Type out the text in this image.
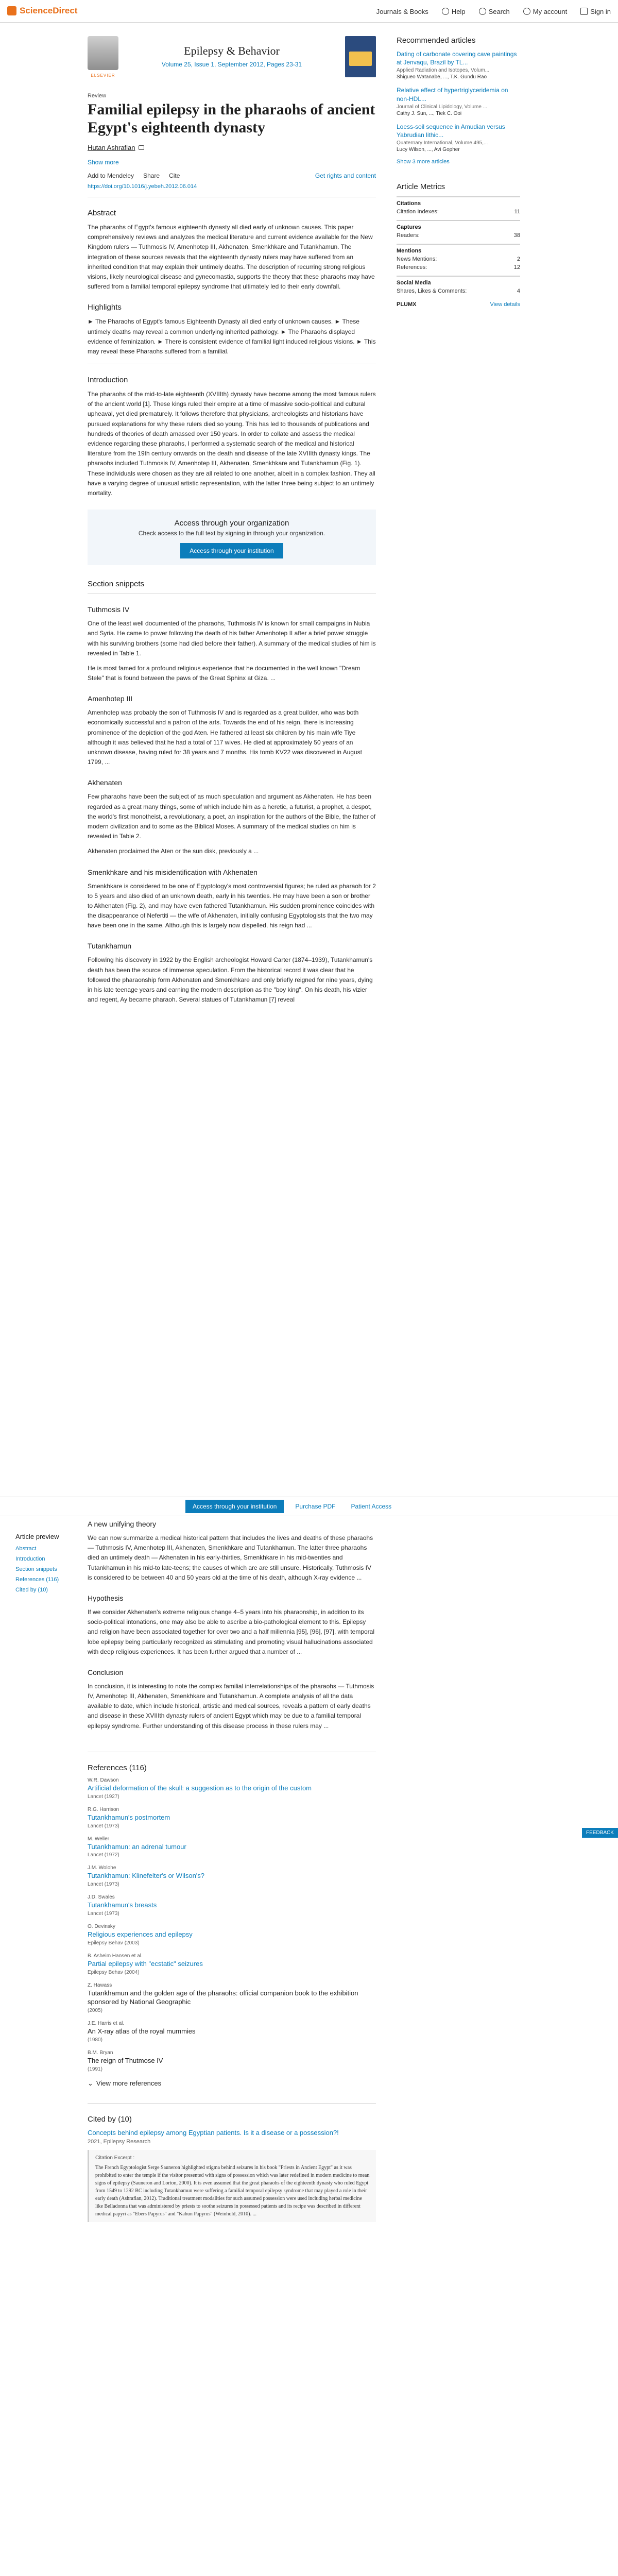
ScienceDirect	Journals & Books	Help	Search	My account	Sign in
ELSEVIER
Epilepsy & Behavior
Volume 25, Issue 1, September 2012, Pages 23-31
Review
Familial epilepsy in the pharaohs of ancient Egypt's eighteenth dynasty
Hutan Ashrafian
Show more
Add to Mendeley Share Cite	Get rights and content
https://doi.org/10.1016/j.yebeh.2012.06.014
Abstract

The pharaohs of Egypt's famous eighteenth dynasty all died early of unknown causes. This paper comprehensively reviews and analyzes the medical literature and current evidence available for the New Kingdom rulers — Tuthmosis IV, Amenhotep III, Akhenaten, Smenkhkare and Tutankhamun. The integration of these sources reveals that the eighteenth dynasty rulers may have suffered from an inherited condition that may explain their untimely deaths. The description of recurring strong religious visions, likely neurological disease and gynecomastia, supports the theory that these pharaohs may have suffered from a familial temporal epilepsy syndrome that ultimately led to their early downfall.

Highlights

► The Pharaohs of Egypt's famous Eighteenth Dynasty all died early of unknown causes. ► These untimely deaths may reveal a common underlying inherited pathology. ► The Pharaohs displayed evidence of feminization. ► There is consistent evidence of familial light induced religious visions. ► This may reveal these Pharaohs suffered from a familial.

Introduction

The pharaohs of the mid-to-late eighteenth (XVIIIth) dynasty have become among the most famous rulers of the ancient world [1]. These kings ruled their empire at a time of massive socio-political and cultural upheaval, yet died prematurely. It follows therefore that physicians, archeologists and historians have pursued explanations for why these rulers died so young. This has led to thousands of publications and hundreds of theories of death amassed over 150 years. In order to collate and assess the medical evidence regarding these pharaohs, I performed a systematic search of the medical and historical literature from the 19th century onwards on the death and disease of the late XVIIIth dynasty kings. The pharaohs included Tuthmosis IV, Amenhotep III, Akhenaten, Smenkhkare and Tutankhamun (Fig. 1). These individuals were chosen as they are all related to one another, albeit in a complex fashion. They all have a varying degree of unusual artistic representation, with the latter three being subject to an untimely mortality.

Access through your organization

Check access to the full text by signing in through your organization.

Access through your institution
Section snippets
Tuthmosis IV

One of the least well documented of the pharaohs, Tuthmosis IV is known for small campaigns in Nubia and Syria. He came to power following the death of his father Amenhotep II after a brief power struggle with his surviving brothers (some had died before their father). A summary of the medical studies of him is revealed in Table 1.

He is most famed for a profound religious experience that he documented in the well known "Dream Stele" that is found between the paws of the Great Sphinx at Giza. ...

Amenhotep III

Amenhotep was probably the son of Tuthmosis IV and is regarded as a great builder, who was both economically successful and a patron of the arts. Towards the end of his reign, there is increasing prominence of the depiction of the god Aten. He fathered at least six children by his main wife Tiye although it was believed that he had a total of 117 wives. He died at approximately 50 years of an unknown disease, having ruled for 38 years and 7 months. His tomb KV22 was discovered in August 1799, ...

Akhenaten

Few pharaohs have been the subject of as much speculation and argument as Akhenaten. He has been regarded as a great many things, some of which include him as a heretic, a futurist, a prophet, a despot, the world's first monotheist, a revolutionary, a poet, an inspiration for the authors of the Bible, the father of modern civilization and to some as the Biblical Moses. A summary of the medical studies on him is revealed in Table 2.

Akhenaten proclaimed the Aten or the sun disk, previously a ...

Smenkhkare and his misidentification with Akhenaten

Smenkhkare is considered to be one of Egyptology's most controversial figures; he ruled as pharaoh for 2 to 5 years and also died of an unknown death, early in his twenties. He may have been a son or brother to Akhenaten (Fig. 2), and may have even fathered Tutankhamun. His sudden prominence coincides with the disappearance of Nefertiti — the wife of Akhenaten, initially confusing Egyptologists that the two may have been one in the same. Although this is largely now dispelled, his reign had ...

Tutankhamun

Following his discovery in 1922 by the English archeologist Howard Carter (1874–1939), Tutankhamun's death has been the source of immense speculation. From the historical record it was clear that he followed the pharaonship form Akhenaten and Smenkhkare and only briefly reigned for nine years, dying in his late teenage years and earning the modern description as the "boy king". On his death, his vizier and regent, Ay became pharaoh. Several statues of Tutankhamun [7] reveal

Recommended articles
Dating of carbonate covering cave paintings at Jenvaqu, Brazil by TL...
Applied Radiation and Isotopes, Volum...
Shigueo Watanabe, ..., T.K. Gundu Rao
Relative effect of hypertriglyceridemia on non-HDL...
Journal of Clinical Lipidology, Volume ...
Cathy J. Sun, ..., Tiek C. Ooi
Loess-soil sequence in Amudian versus Yabrudian lithic...
Quaternary International, Volume 495,...
Lucy Wilson, ..., Avi Gopher
Show 3 more articles
Article Metrics
Citations
Citation Indexes:	11
Captures
Readers:	38
Mentions
News Mentions:	2
References:	12
Social Media
Shares, Likes & Comments:	4
PLUMX	View details
Access through your institution	Purchase PDF	Patient Access
Article preview
Abstract
Introduction
Section snippets
References (116)
Cited by (10)
A new unifying theory

We can now summarize a medical historical pattern that includes the lives and deaths of these pharaohs — Tuthmosis IV, Amenhotep III, Akhenaten, Smenkhkare and Tutankhamun. The latter three pharaohs died an untimely death — Akhenaten in his early-thirties, Smenkhkare in his mid-twenties and Tutankhamun in his mid-to late-teens; the causes of which are are still unsure. Historically, Tuthmosis IV is considered to be between 40 and 50 years old at the time of his death, although X-ray evidence ...

Hypothesis

If we consider Akhenaten's extreme religious change 4–5 years into his pharaonship, in addition to its socio-political intonations, one may also be able to ascribe a bio-pathological element to this. Epilepsy and religion have been associated together for over two and a half millennia [95], [96], [97], with temporal lobe epilepsy being particularly recognized as stimulating and promoting visual hallucinations associated with deep religious experiences. It has been further argued that a number of ...

Conclusion

In conclusion, it is interesting to note the complex familial interrelationships of the pharaohs — Tuthmosis IV, Amenhotep III, Akhenaten, Smenkhkare and Tutankhamun. A complete analysis of all the data available to date, which include historical, artistic and medical sources, reveals a pattern of early deaths and disease in these XVIIIth dynasty rulers of ancient Egypt which may be due to a familial temporal epilepsy syndrome. Further understanding of this disease process in these rulers may ...

References (116)
W.R. Dawson
Artificial deformation of the skull: a suggestion as to the origin of the custom
Lancet (1927)
R.G. Harrison
Tutankhamun's postmortem
Lancet (1973)
M. Weller
Tutankhamun: an adrenal tumour
Lancet (1972)
J.M. Wolohe
Tutankhamun: Klinefelter's or Wilson's?
Lancet (1973)
J.D. Swales
Tutankhamun's breasts
Lancet (1973)
O. Devinsky
Religious experiences and epilepsy
Epilepsy Behav (2003)
B. Asheim Hansen et al.
Partial epilepsy with "ecstatic" seizures
Epilepsy Behav (2004)
Z. Hawass
Tutankhamun and the golden age of the pharaohs: official companion book to the exhibition sponsored by National Geographic
(2005)
J.E. Harris et al.
An X-ray atlas of the royal mummies
(1980)
B.M. Bryan
The reign of Thutmose IV
(1991)
⌄ View more references
Cited by (10)
Concepts behind epilepsy among Egyptian patients. Is it a disease or a possession?!
2021, Epilepsy Research
Citation Excerpt :
The French Egyptologist Serge Sauneron highlighted stigma behind seizures in his book "Priests in Ancient Egypt" as it was prohibited to enter the temple if the visitor presented with signs of possession which was later redefined in modern medicine to mean signs of epilepsy (Sauneron and Lorton, 2000). It is even assumed that the great pharaohs of the eighteenth dynasty who ruled Egypt from 1549 to 1292 BC including Tutankhamun were suffering a familial temporal epilepsy syndrome that may played a role in their early death (Ashrafian, 2012). Traditional treatment modalities for such assumed possession were used including herbal medicine like Belladonna that was administered by priests to soothe seizures in possessed patients and its recipe was described in different medical papyri as "Ebers Papyrus" and "Kahun Papyrus" (Weinhold, 2010). ...
FEEDBACK
